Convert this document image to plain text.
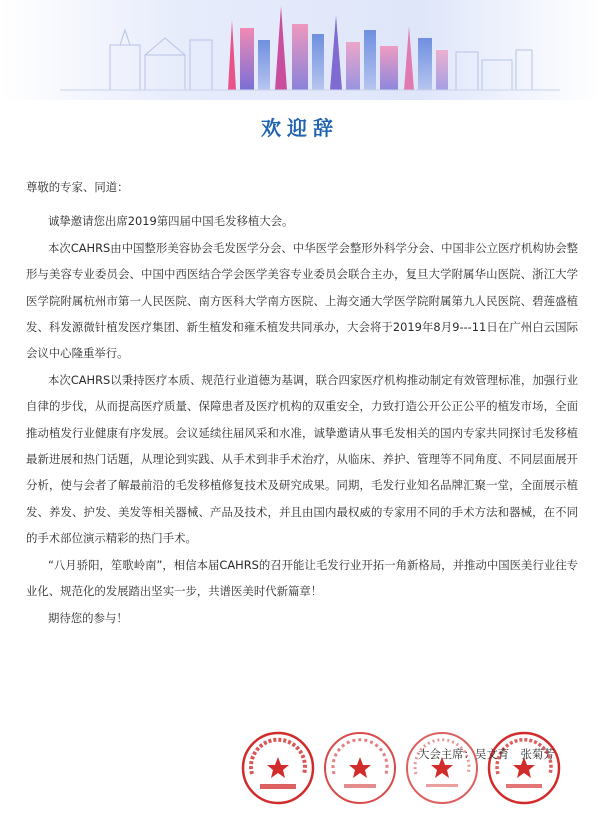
欢迎辞

尊敬的专家、同道：

诚挚邀请您出席2019第四届中国毛发移植大会。

本次CAHRS由中国整形美容协会毛发医学分会、中华医学会整形外科学分会、中国非公立医疗机构协会整形与美容专业委员会、中国中西医结合学会医学美容专业委员会联合主办，复旦大学附属华山医院、浙江大学医学院附属杭州市第一人民医院、南方医科大学南方医院、上海交通大学医学院附属第九人民医院、碧莲盛植发、科发源微针植发医疗集团、新生植发和雍禾植发共同承办，大会将于2019年8月9---11日在广州白云国际会议中心隆重举行。

本次CAHRS以秉持医疗本质、规范行业道德为基调，联合四家医疗机构推动制定有效管理标准，加强行业自律的步伐，从而提高医疗质量、保障患者及医疗机构的双重安全，力致打造公开公正公平的植发市场，全面推动植发行业健康有序发展。会议延续往届风采和水准，诚挚邀请从事毛发相关的国内专家共同探讨毛发移植最新进展和热门话题，从理论到实践、从手术到非手术治疗，从临床、养护、管理等不同角度、不同层面展开分析，使与会者了解最前沿的毛发移植修复技术及研究成果。同期，毛发行业知名品牌汇聚一堂，全面展示植发、养发、护发、美发等相关器械、产品及技术，并且由国内最权威的专家用不同的手术方法和器械，在不同的手术部位演示精彩的热门手术。

“八月骄阳，笙歌岭南”，相信本届CAHRS的召开能让毛发行业开拓一角新格局，并推动中国医美行业往专业化、规范化的发展踏出坚实一步，共谱医美时代新篇章！

期待您的参与！

大会主席：吴文育　张菊芳
